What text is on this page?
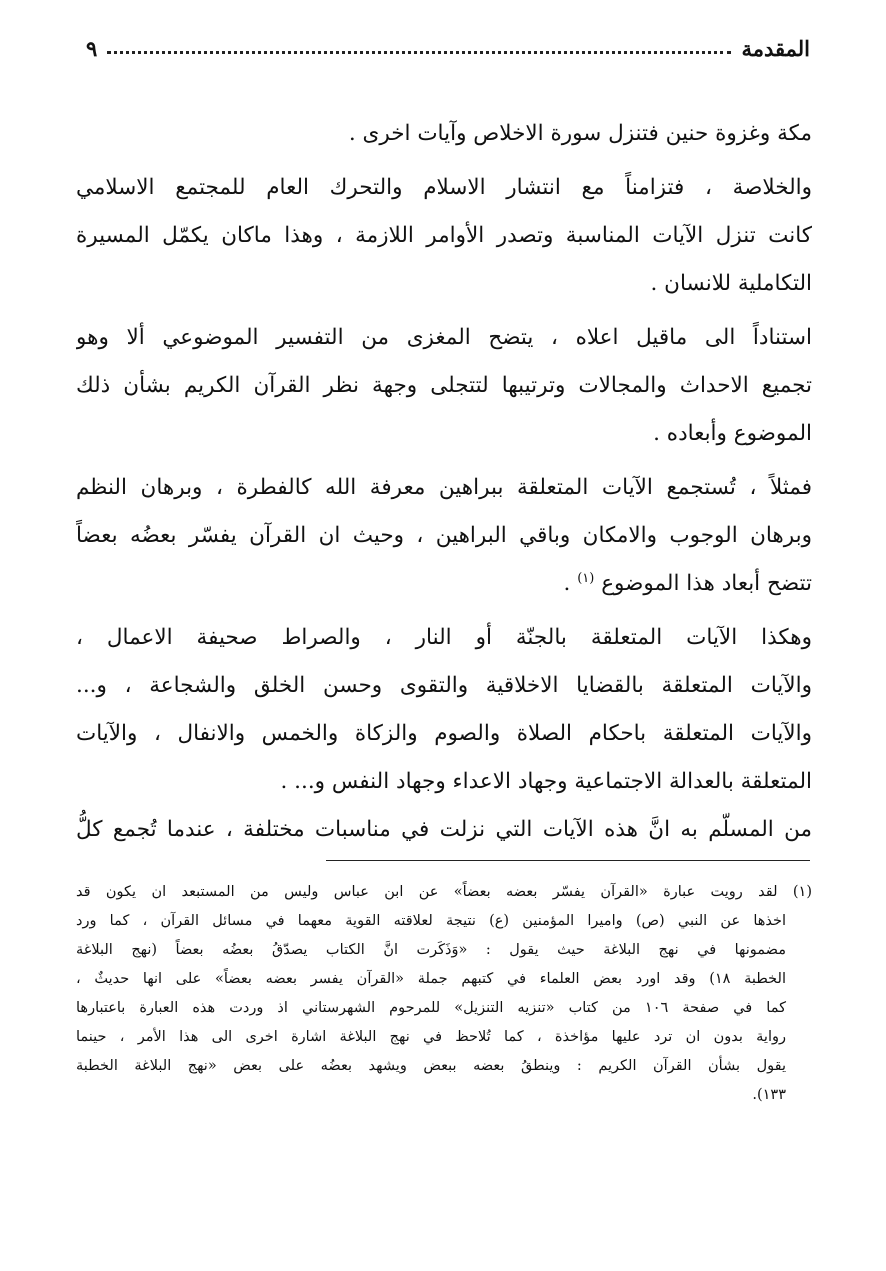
المقدمة
٩
مكة وغزوة حنين فتنزل سورة الاخلاص وآيات اخرى .
والخلاصة ، فتزامناً مع انتشار الاسلام والتحرك العام للمجتمع الاسلامي
كانت تنزل الآيات المناسبة وتصدر الأوامر اللازمة ، وهذا ماكان يكمّل المسيرة
التكاملية للانسان .
استناداً الى ماقيل اعلاه ، يتضح المغزى من التفسير الموضوعي ألا وهو
تجميع الاحداث والمجالات وترتيبها لتتجلى وجهة نظر القرآن الكريم بشأن ذلك
الموضوع وأبعاده .
فمثلاً ، تُستجمع الآيات المتعلقة ببراهين معرفة الله كالفطرة ، وبرهان النظم
وبرهان الوجوب والامكان وباقي البراهين ، وحيث ان القرآن يفسّر بعضُه بعضاً
تتضح أبعاد هذا الموضوع $^{(١)}$ .
وهكذا الآيات المتعلقة بالجنّة أو النار ، والصراط صحيفة الاعمال ،
والآيات المتعلقة بالقضايا الاخلاقية والتقوى وحسن الخلق والشجاعة ، و...
والآيات المتعلقة باحكام الصلاة والصوم والزكاة والخمس والانفال ، والآيات
المتعلقة بالعدالة الاجتماعية وجهاد الاعداء وجهاد النفس و... .
من المسلّم به انَّ هذه الآيات التي نزلت في مناسبات مختلفة ، عندما تُجمع كلُّ
(١) لقد رويت عبارة «القرآن يفسّر بعضه بعضاً» عن ابن عباس وليس من المستبعد ان يكون قد
اخذها عن النبي (ص) واميرا المؤمنين (ع) نتيجة لعلاقته القوية معهما في مسائل القرآن ، كما ورد
مضمونها في نهج البلاغة حيث يقول : «وَذَكَرت انَّ الكتاب يصدّقُ بعضُه بعضاً (نهج البلاغة
الخطبة ١٨) وقد اورد بعض العلماء في كتبهم جملة «القرآن يفسر بعضه بعضاً» على انها حديثٌ ،
كما في صفحة ١٠٦ من كتاب «تنزيه التنزيل» للمرحوم الشهرستاني اذ وردت هذه العبارة باعتبارها
رواية بدون ان ترد عليها مؤاخذة ، كما تُلاحظ في نهج البلاغة اشارة اخرى الى هذا الأمر ، حينما
يقول بشأن القرآن الكريم : وينطقُ بعضه ببعض ويشهد بعضُه على بعض «نهج البلاغة الخطبة
١٣٣).
